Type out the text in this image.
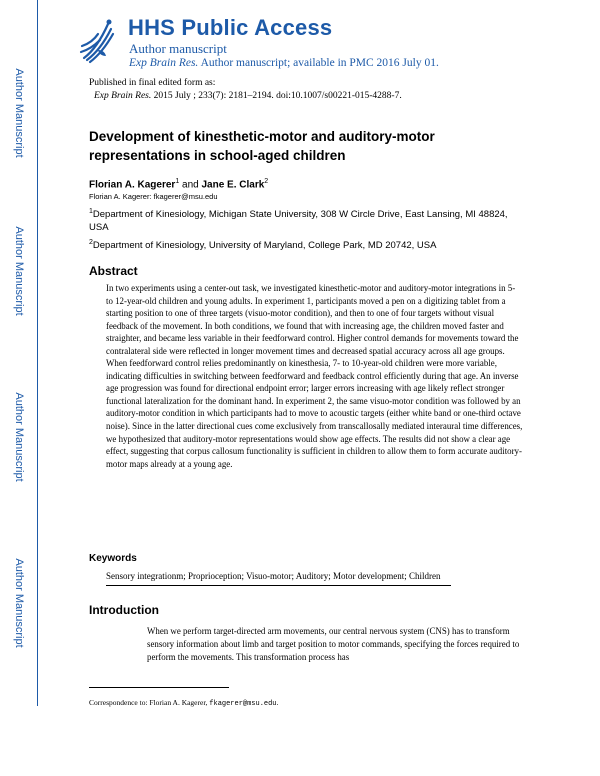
Author Manuscript
Author Manuscript
Author Manuscript
Author Manuscript
HHS Public Access
Author manuscript
Exp Brain Res. Author manuscript; available in PMC 2016 July 01.
Published in final edited form as:
Exp Brain Res. 2015 July ; 233(7): 2181–2194. doi:10.1007/s00221-015-4288-7.
Development of kinesthetic-motor and auditory-motor representations in school-aged children
Florian A. Kagerer$^1$ and Jane E. Clark$^2$
Florian A. Kagerer: fkagerer@msu.edu
$^1$Department of Kinesiology, Michigan State University, 308 W Circle Drive, East Lansing, MI 48824, USA
$^2$Department of Kinesiology, University of Maryland, College Park, MD 20742, USA
Abstract
In two experiments using a center-out task, we investigated kinesthetic-motor and auditory-motor integrations in 5- to 12-year-old children and young adults. In experiment 1, participants moved a pen on a digitizing tablet from a starting position to one of three targets (visuo-motor condition), and then to one of four targets without visual feedback of the movement. In both conditions, we found that with increasing age, the children moved faster and straighter, and became less variable in their feedforward control. Higher control demands for movements toward the contralateral side were reflected in longer movement times and decreased spatial accuracy across all age groups. When feedforward control relies predominantly on kinesthesia, 7- to 10-year-old children were more variable, indicating difficulties in switching between feedforward and feedback control efficiently during that age. An inverse age progression was found for directional endpoint error; larger errors increasing with age likely reflect stronger functional lateralization for the dominant hand. In experiment 2, the same visuo-motor condition was followed by an auditory-motor condition in which participants had to move to acoustic targets (either white band or one-third octave noise). Since in the latter directional cues come exclusively from transcallosally mediated interaural time differences, we hypothesized that auditory-motor representations would show age effects. The results did not show a clear age effect, suggesting that corpus callosum functionality is sufficient in children to allow them to form accurate auditory-motor maps already at a young age.
Keywords
Sensory integrationm; Proprioception; Visuo-motor; Auditory; Motor development; Children
Introduction
When we perform target-directed arm movements, our central nervous system (CNS) has to transform sensory information about limb and target position to motor commands, specifying the forces required to perform the movements. This transformation process has
Correspondence to: Florian A. Kagerer, fkagerer@msu.edu.
